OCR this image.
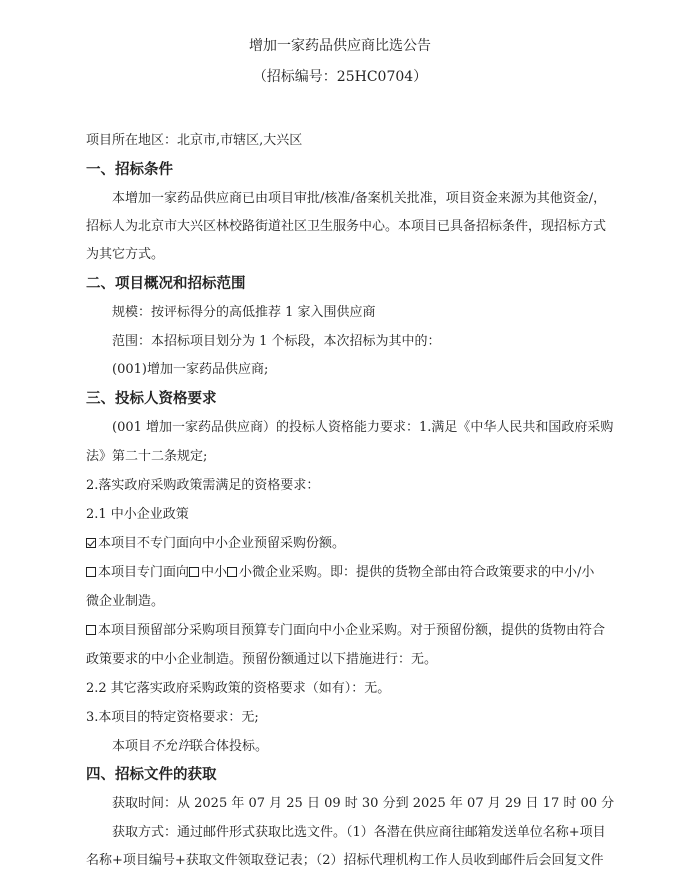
增加一家药品供应商比选公告
（招标编号：25HC0704）
项目所在地区：北京市,市辖区,大兴区
一、招标条件
本增加一家药品供应商已由项目审批/核准/备案机关批准，项目资金来源为其他资金/，
招标人为北京市大兴区林校路街道社区卫生服务中心。本项目已具备招标条件，现招标方式
为其它方式。
二、项目概况和招标范围
规模：按评标得分的高低推荐 1 家入围供应商
范围：本招标项目划分为 1 个标段，本次招标为其中的：
(001)增加一家药品供应商;
三、投标人资格要求
(001 增加一家药品供应商）的投标人资格能力要求：1.满足《中华人民共和国政府采购
法》第二十二条规定;
2.落实政府采购政策需满足的资格要求：
2.1 中小企业政策
本项目不专门面向中小企业预留采购份额。
本项目专门面向 中小 小微企业采购。即：提供的货物全部由符合政策要求的中小/小
微企业制造。
本项目预留部分采购项目预算专门面向中小企业采购。对于预留份额，提供的货物由符合
政策要求的中小企业制造。预留份额通过以下措施进行：无。
2.2 其它落实政府采购政策的资格要求（如有）：无。
3.本项目的特定资格要求：无;
本项目不允许联合体投标。
四、招标文件的获取
获取时间：从 2025 年 07 月 25 日 09 时 30 分到 2025 年 07 月 29 日 17 时 00 分
获取方式：通过邮件形式获取比选文件。（1）各潜在供应商往邮箱发送单位名称+项目
名称+项目编号+获取文件领取登记表；（2）招标代理机构工作人员收到邮件后会回复文件
